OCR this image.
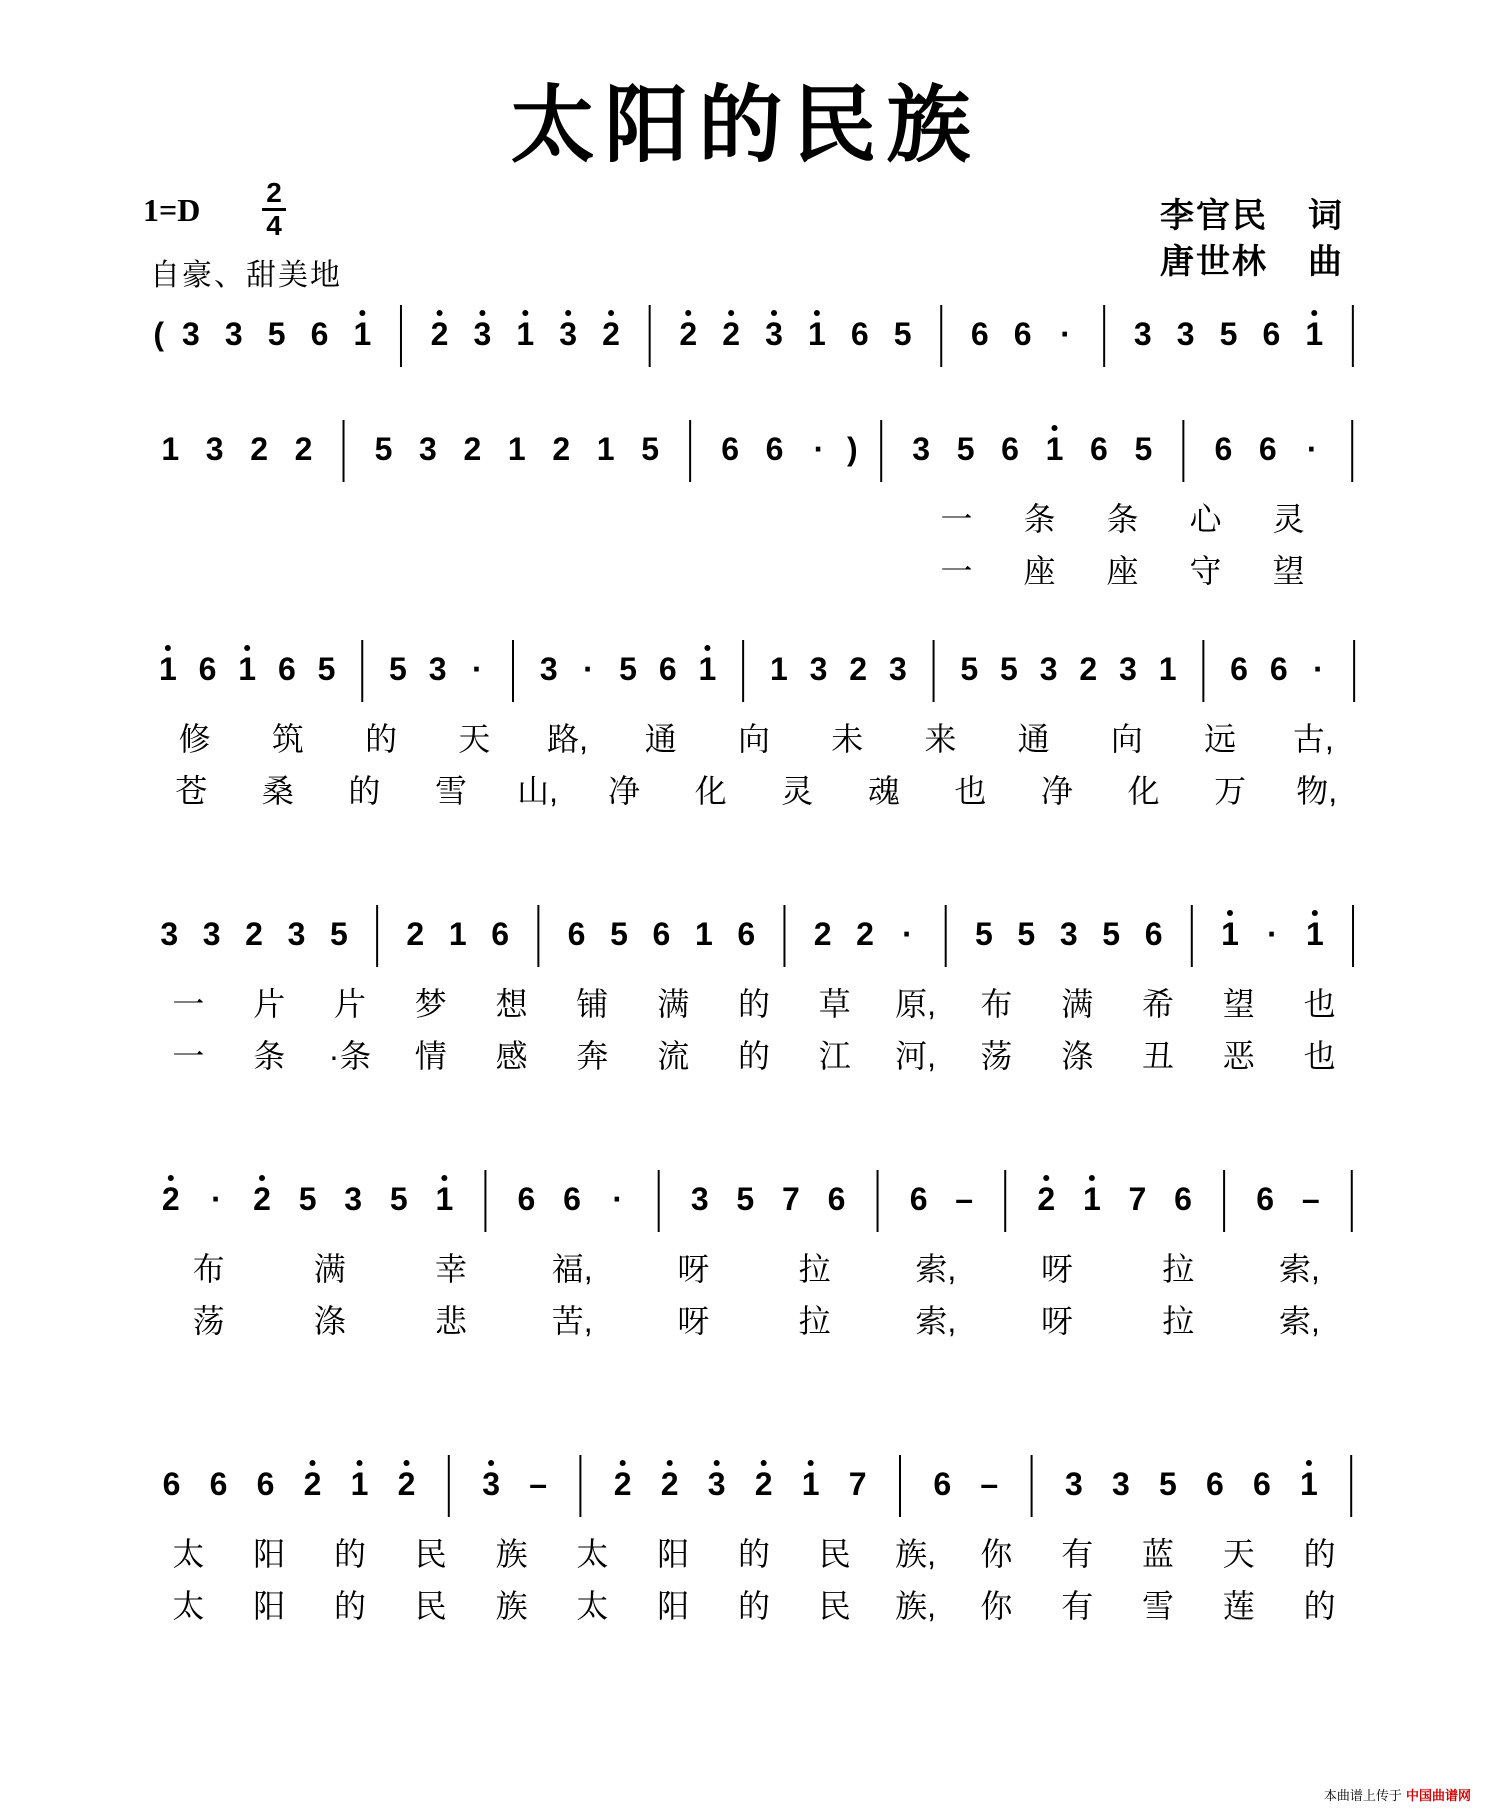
太阳的民族
1=D 2
4
自豪、甜美地
李官民 词
唐世林 曲
( 3 3 5 6 1 2 3 1 3 2 2 2 3 1 6 5 6 6 · 3 3 5 6 1
1 3 2 2 5 3 2 1 2 1 5 6 6 · ) 3 5 6 1 6 5 6 6 ·
一 条 条 心 灵
一 座 座 守 望
1 6 1 6 5 5 3 · 3 · 5 6 1 1 3 2 3 5 5 3 2 3 1 6 6 ·
修 筑 的 天 路, 通 向 未 来 通 向 远 古,
苍 桑 的 雪 山, 净 化 灵 魂 也 净 化 万 物,
3 3 2 3 5 2 1 6 6 5 6 1 6 2 2 · 5 5 3 5 6 1 · 1
一 片 片 梦 想 铺 满 的 草 原, 布 满 希 望 也
一 条 ·条 情 感 奔 流 的 江 河, 荡 涤 丑 恶 也
2 · 2 5 3 5 1 6 6 · 3 5 7 6 6 – 2 1 7 6 6 –
布	满	幸	福,	呀	拉	索,	呀	拉	索,
荡	涤	悲	苦,	呀	拉	索,	呀	拉	索,
6 6 6 2 1 2 3 – 2 2 3 2 1 7 6 – 3 3 5 6 6 1
太 阳 的 民 族 太 阳 的 民 族, 你 有 蓝 天 的
太 阳 的 民 族 太 阳 的 民 族, 你 有 雪 莲 的
本曲谱上传于 中国曲谱网
